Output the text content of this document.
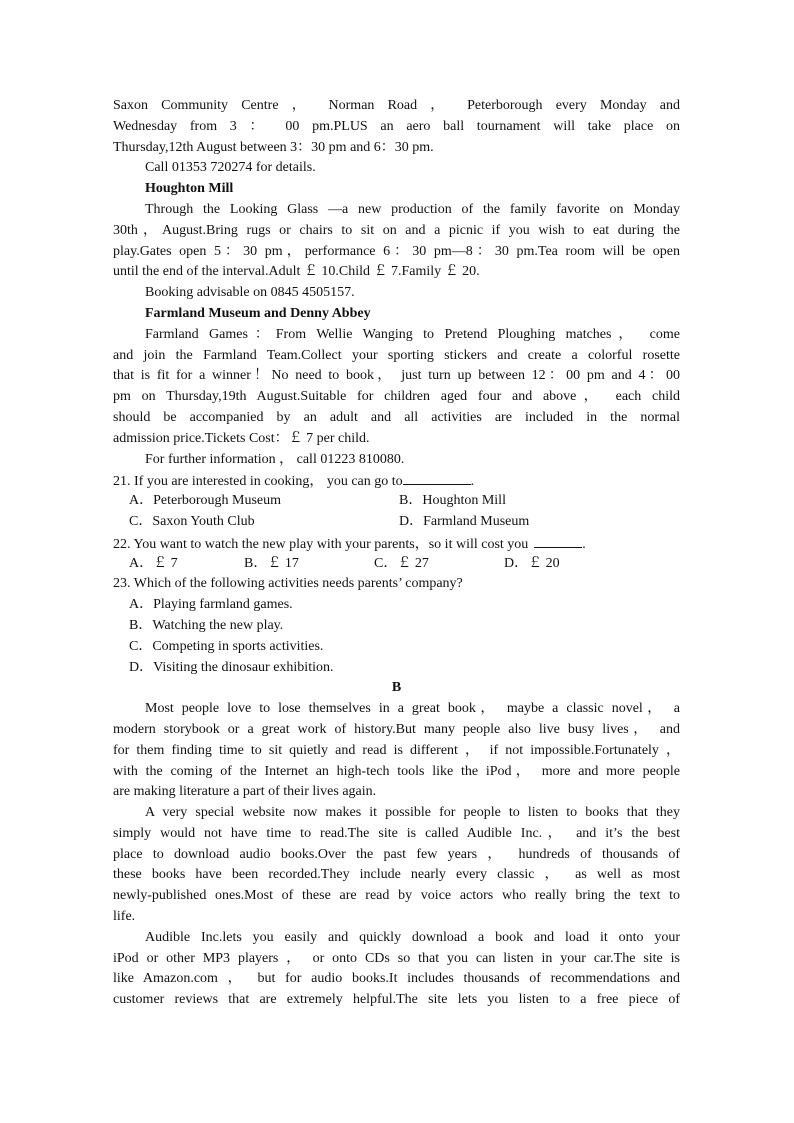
Saxon Community Centre ， Norman Road ， Peterborough every Monday and
Wednesday from 3 ： 00 pm.PLUS an aero ball tournament will take place on
Thursday,12th August between 3：30 pm and 6：30 pm.
Call 01353 720274 for details.
Houghton Mill
Through the Looking Glass —a new production of the family favorite on Monday
30th，August.Bring rugs or chairs to sit on and a picnic if you wish to eat during the
play.Gates open 5：30 pm，performance 6：30 pm—8：30 pm.Tea room will be open
until the end of the interval.Adult ￡ 10.Child ￡ 7.Family ￡ 20.
Booking advisable on 0845 4505157.
Farmland Museum and Denny Abbey
Farmland Games：From Wellie Wanging to Pretend Ploughing matches， come
and join the Farmland Team.Collect your sporting stickers and create a colorful rosette
that is fit for a winner！No need to book， just turn up between 12：00 pm and 4：00
pm on Thursday,19th August.Suitable for children aged four and above， each child
should be accompanied by an adult and all activities are included in the normal
admission price.Tickets Cost：￡ 7 per child.
For further information ， call 01223 810080.
21. If you are interested in cooking， you can go to	.
A．Peterborough Museum	B．Houghton Mill
C．Saxon Youth Club	D．Farmland Museum
22. You want to watch the new play with your parents，so it will cost you	.
A．￡ 7	B．￡ 17	C．￡ 27	D．￡ 20
23. Which of the following activities needs parents’ company?
A．Playing farmland games.
B．Watching the new play.
C．Competing in sports activities.
D．Visiting the dinosaur exhibition.
B
Most people love to lose themselves in a great book， maybe a classic novel， a
modern storybook or a great work of history.But many people also live busy lives， and
for them finding time to sit quietly and read is different ， if not impossible.Fortunately ，
with the coming of the Internet an high-tech tools like the iPod， more and more people
are making literature a part of their lives again.
A very special website now makes it possible for people to listen to books that they
simply would not have time to read.The site is called Audible Inc.， and it’s the best
place to download audio books.Over the past few years ， hundreds of thousands of
these books have been recorded.They include nearly every classic ， as well as most
newly-published ones.Most of these are read by voice actors who really bring the text to
life.
Audible Inc.lets you easily and quickly download a book and load it onto your
iPod or other MP3 players ， or onto CDs so that you can listen in your car.The site is
like Amazon.com ， but for audio books.It includes thousands of recommendations and
customer reviews that are extremely helpful.The site lets you listen to a free piece of
